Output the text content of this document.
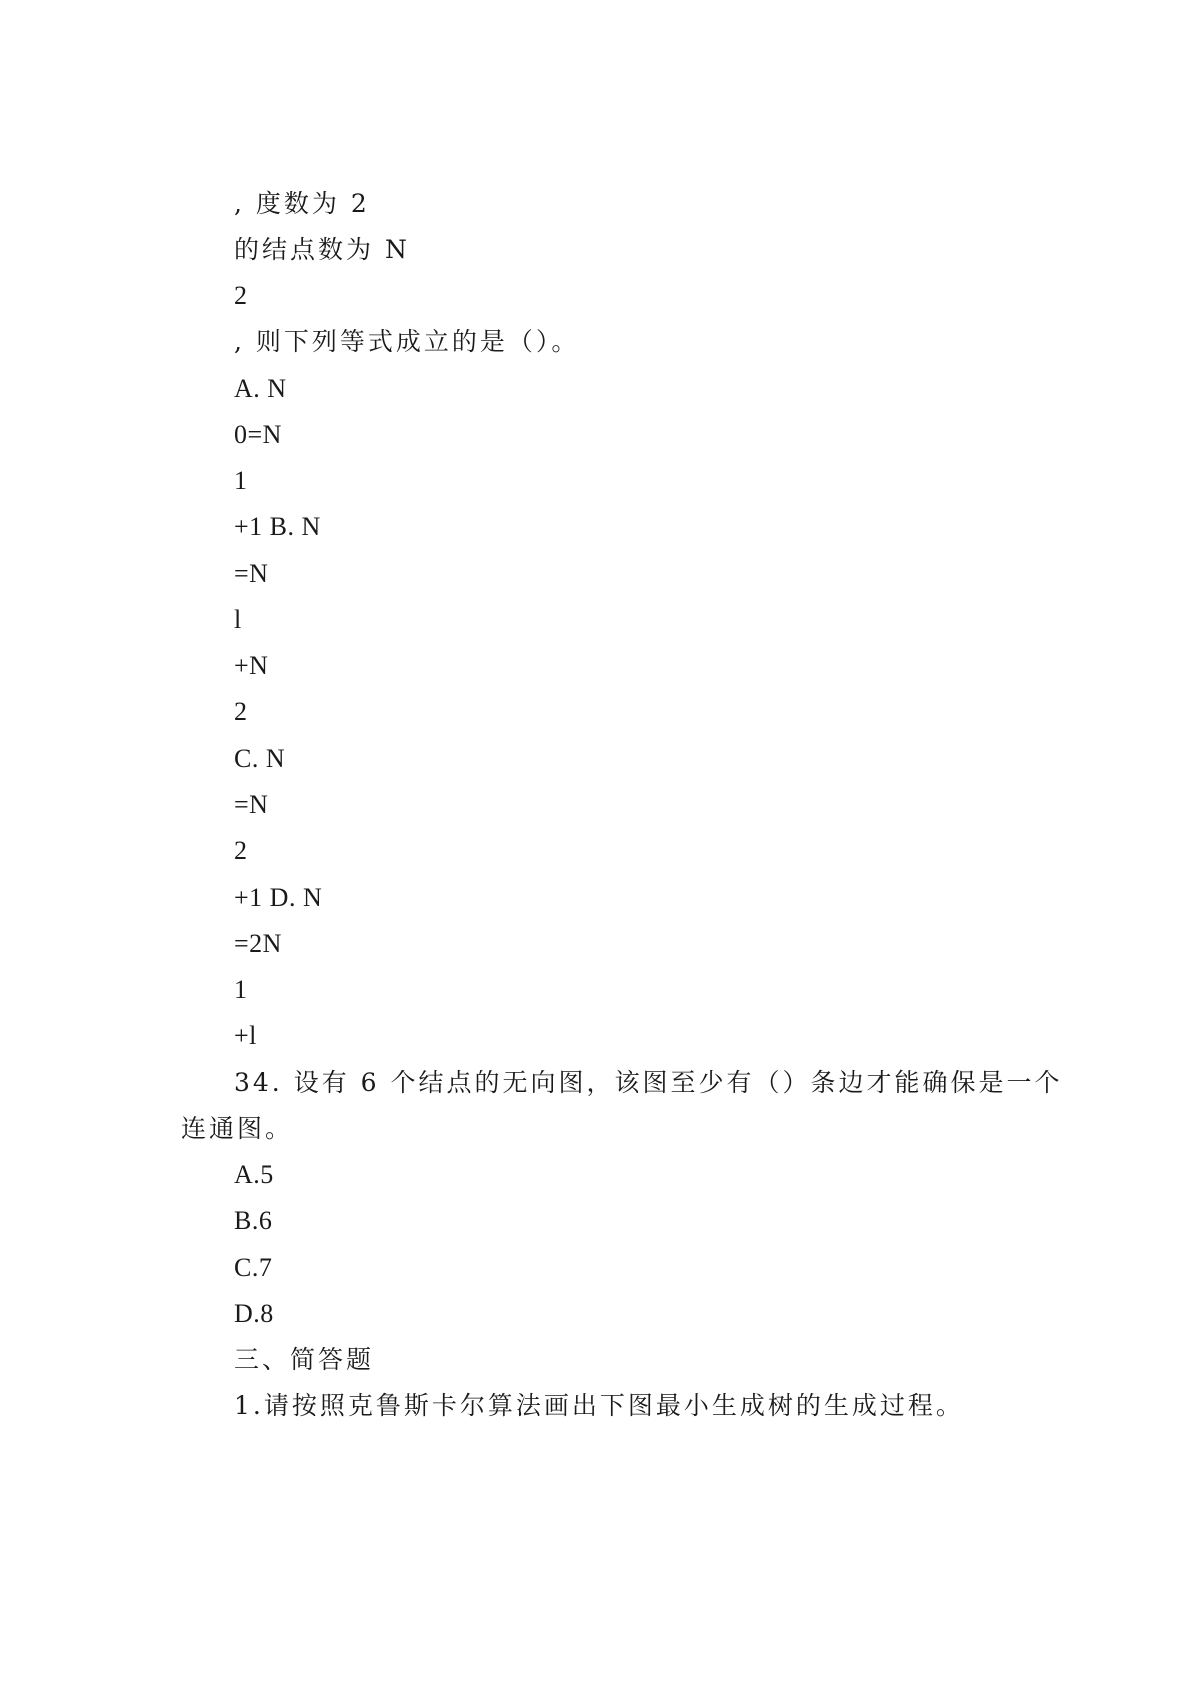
, 度数为 2
的结点数为 N
2
, 则下列等式成立的是（）。
A. N
0=N
1
+1 B. N
=N
l
+N
2
C. N
=N
2
+1 D. N
=2N
1
+l
34. 设有 6 个结点的无向图，该图至少有（）条边才能确保是一个
连通图。
A.5
B.6
C.7
D.8
三、简答题
1.请按照克鲁斯卡尔算法画出下图最小生成树的生成过程。
